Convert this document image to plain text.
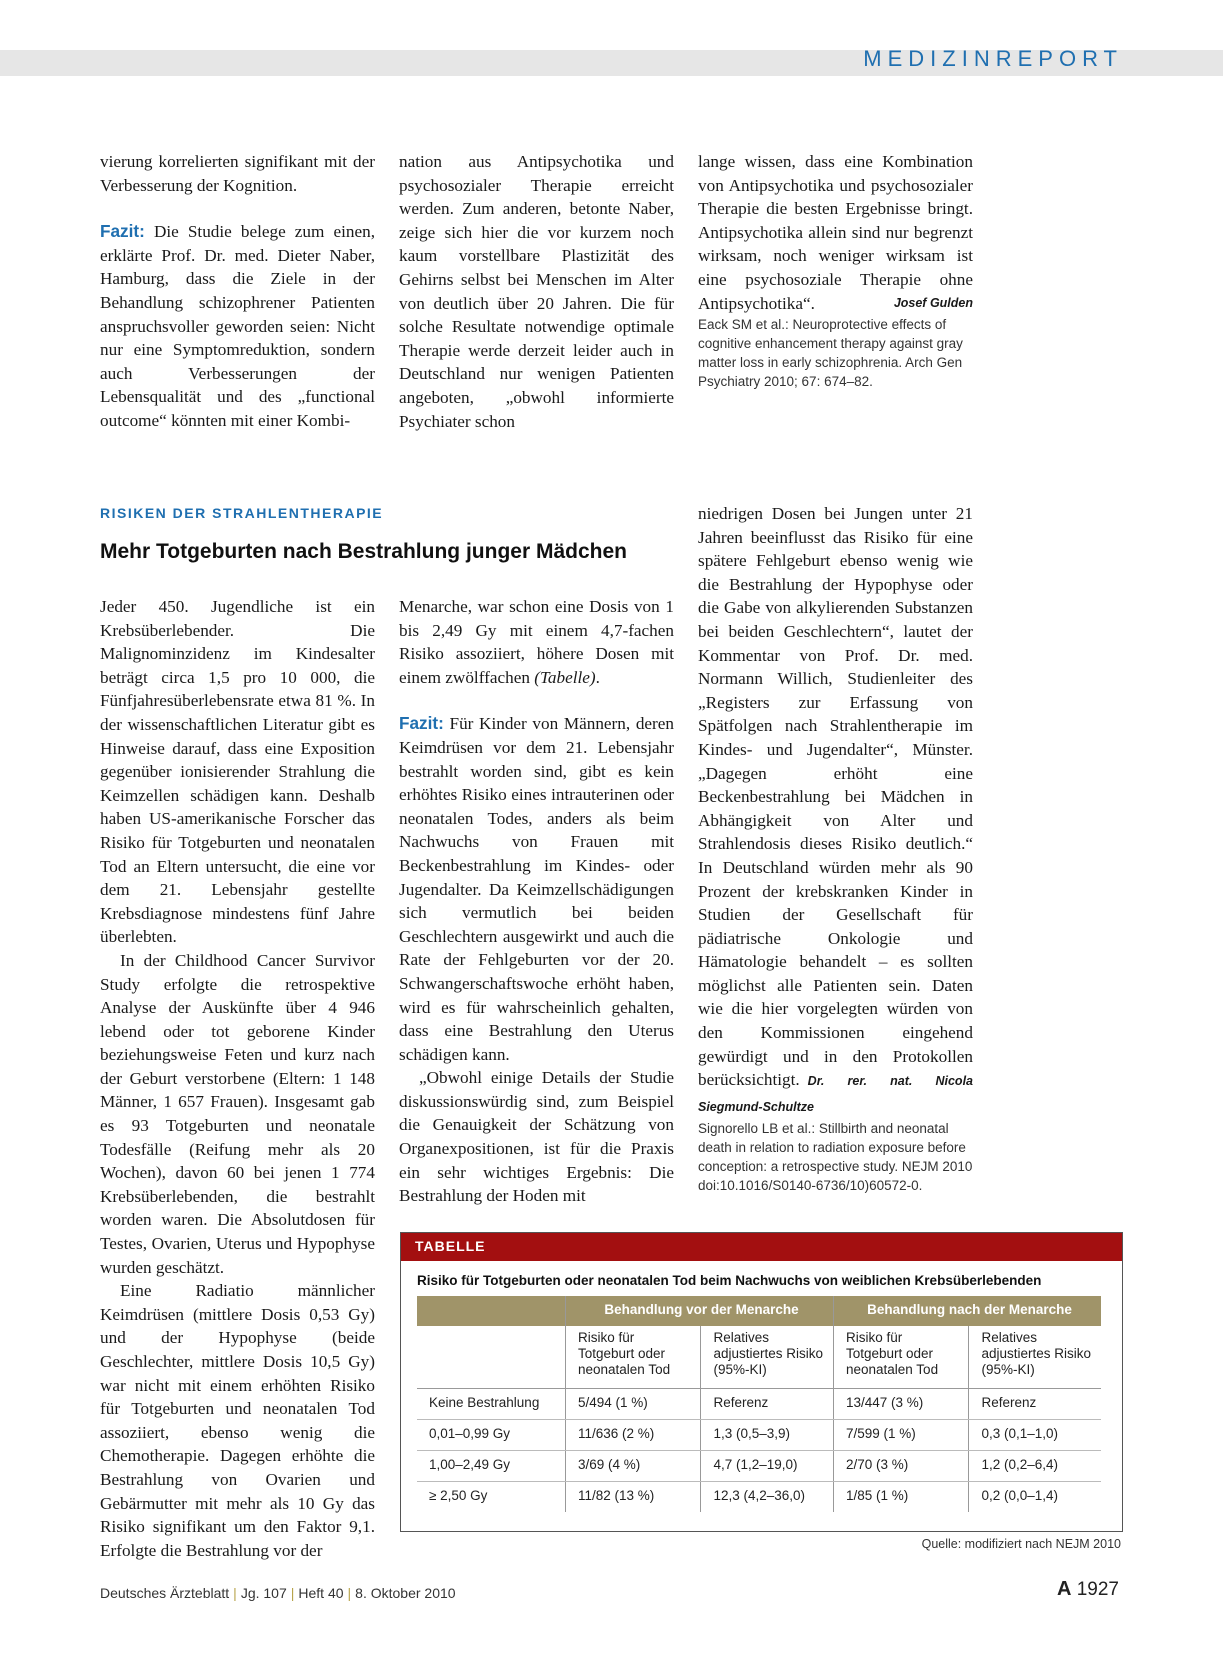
MEDIZINREPORT

vierung korrelierten signifikant mit der Verbesserung der Kognition.

Fazit: Die Studie belege zum einen, erklärte Prof. Dr. med. Dieter Naber, Hamburg, dass die Ziele in der Behandlung schizophrener Patienten anspruchsvoller geworden seien: Nicht nur eine Symptomreduktion, sondern auch Verbesserungen der Lebensqualität und des „functional outcome“ könnten mit einer Kombi-

nation aus Antipsychotika und psychosozialer Therapie erreicht werden. Zum anderen, betonte Naber, zeige sich hier die vor kurzem noch kaum vorstellbare Plastizität des Gehirns selbst bei Menschen im Alter von deutlich über 20 Jahren. Die für solche Resultate notwendige optimale Therapie werde derzeit leider auch in Deutschland nur wenigen Patienten angeboten, „obwohl informierte Psychiater schon

lange wissen, dass eine Kombination von Antipsychotika und psychosozialer Therapie die besten Ergebnisse bringt. Antipsychotika allein sind nur begrenzt wirksam, noch weniger wirksam ist eine psychosoziale Therapie ohne Antipsychotika“.	Josef Gulden

Eack SM et al.: Neuroprotective effects of cognitive enhancement therapy against gray matter loss in early schizophrenia. Arch Gen Psychiatry 2010; 67: 674–82.

RISIKEN DER STRAHLENTHERAPIE
Mehr Totgeburten nach Bestrahlung junger Mädchen

Jeder 450. Jugendliche ist ein Krebsüberlebender. Die Malignominzidenz im Kindesalter beträgt circa 1,5 pro 10 000, die Fünfjahresüberlebensrate etwa 81 %. In der wissenschaftlichen Literatur gibt es Hinweise darauf, dass eine Exposition gegenüber ionisierender Strahlung die Keimzellen schädigen kann. Deshalb haben US-amerikanische Forscher das Risiko für Totgeburten und neonatalen Tod an Eltern untersucht, die eine vor dem 21. Lebensjahr gestellte Krebsdiagnose mindestens fünf Jahre überlebten.

In der Childhood Cancer Survivor Study erfolgte die retrospektive Analyse der Auskünfte über 4 946 lebend oder tot geborene Kinder beziehungsweise Feten und kurz nach der Geburt verstorbene (Eltern: 1 148 Männer, 1 657 Frauen). Insgesamt gab es 93 Totgeburten und neonatale Todesfälle (Reifung mehr als 20 Wochen), davon 60 bei jenen 1 774 Krebsüberlebenden, die bestrahlt worden waren. Die Absolutdosen für Testes, Ovarien, Uterus und Hypophyse wurden geschätzt.

Eine Radiatio männlicher Keimdrüsen (mittlere Dosis 0,53 Gy) und der Hypophyse (beide Geschlechter, mittlere Dosis 10,5 Gy) war nicht mit einem erhöhten Risiko für Totgeburten und neonatalen Tod assoziiert, ebenso wenig die Chemotherapie. Dagegen erhöhte die Bestrahlung von Ovarien und Gebärmutter mit mehr als 10 Gy das Risiko signifikant um den Faktor 9,1. Erfolgte die Bestrahlung vor der

Menarche, war schon eine Dosis von 1 bis 2,49 Gy mit einem 4,7-fachen Risiko assoziiert, höhere Dosen mit einem zwölffachen (Tabelle).

Fazit: Für Kinder von Männern, deren Keimdrüsen vor dem 21. Lebensjahr bestrahlt worden sind, gibt es kein erhöhtes Risiko eines intrauterinen oder neonatalen Todes, anders als beim Nachwuchs von Frauen mit Beckenbestrahlung im Kindes- oder Jugendalter. Da Keimzellschädigungen sich vermutlich bei beiden Geschlechtern ausgewirkt und auch die Rate der Fehlgeburten vor der 20. Schwangerschaftswoche erhöht haben, wird es für wahrscheinlich gehalten, dass eine Bestrahlung den Uterus schädigen kann.

„Obwohl einige Details der Studie diskussionswürdig sind, zum Beispiel die Genauigkeit der Schätzung von Organexpositionen, ist für die Praxis ein sehr wichtiges Ergebnis: Die Bestrahlung der Hoden mit

niedrigen Dosen bei Jungen unter 21 Jahren beeinflusst das Risiko für eine spätere Fehlgeburt ebenso wenig wie die Bestrahlung der Hypophyse oder die Gabe von alkylierenden Substanzen bei beiden Geschlechtern“, lautet der Kommentar von Prof. Dr. med. Normann Willich, Studienleiter des „Registers zur Erfassung von Spätfolgen nach Strahlentherapie im Kindes- und Jugendalter“, Münster. „Dagegen erhöht eine Beckenbestrahlung bei Mädchen in Abhängigkeit von Alter und Strahlendosis dieses Risiko deutlich.“ In Deutschland würden mehr als 90 Prozent der krebskranken Kinder in Studien der Gesellschaft für pädiatrische Onkologie und Hämatologie behandelt – es sollten möglichst alle Patienten sein. Daten wie die hier vorgelegten würden von den Kommissionen eingehend gewürdigt und in den Protokollen berücksichtigt. Dr. rer. nat. Nicola Siegmund-Schultze

Signorello LB et al.: Stillbirth and neonatal death in relation to radiation exposure before conception: a retrospective study. NEJM 2010 doi:10.1016/S0140-6736/10)60572-0.

TABELLE
Risiko für Totgeburten oder neonatalen Tod beim Nachwuchs von weiblichen Krebsüberlebenden
	Behandlung vor der Menarche		Behandlung nach der Menarche	
	Risiko für Totgeburt oder neonatalen Tod	Relatives adjustiertes Risiko (95%-KI)	Risiko für Totgeburt oder neonatalen Tod	Relatives adjustiertes Risiko (95%-KI)
Keine Bestrahlung	5/494 (1 %)	Referenz	13/447 (3 %)	Referenz
0,01–0,99 Gy	11/636 (2 %)	1,3 (0,5–3,9)	7/599 (1 %)	0,3 (0,1–1,0)
1,00–2,49 Gy	3/69 (4 %)	4,7 (1,2–19,0)	2/70 (3 %)	1,2 (0,2–6,4)
≥ 2,50 Gy	11/82 (13 %)	12,3 (4,2–36,0)	1/85 (1 %)	0,2 (0,0–1,4)
Quelle: modifiziert nach NEJM 2010
Deutsches Ärzteblatt | Jg. 107 | Heft 40 | 8. Oktober 2010	A 1927
